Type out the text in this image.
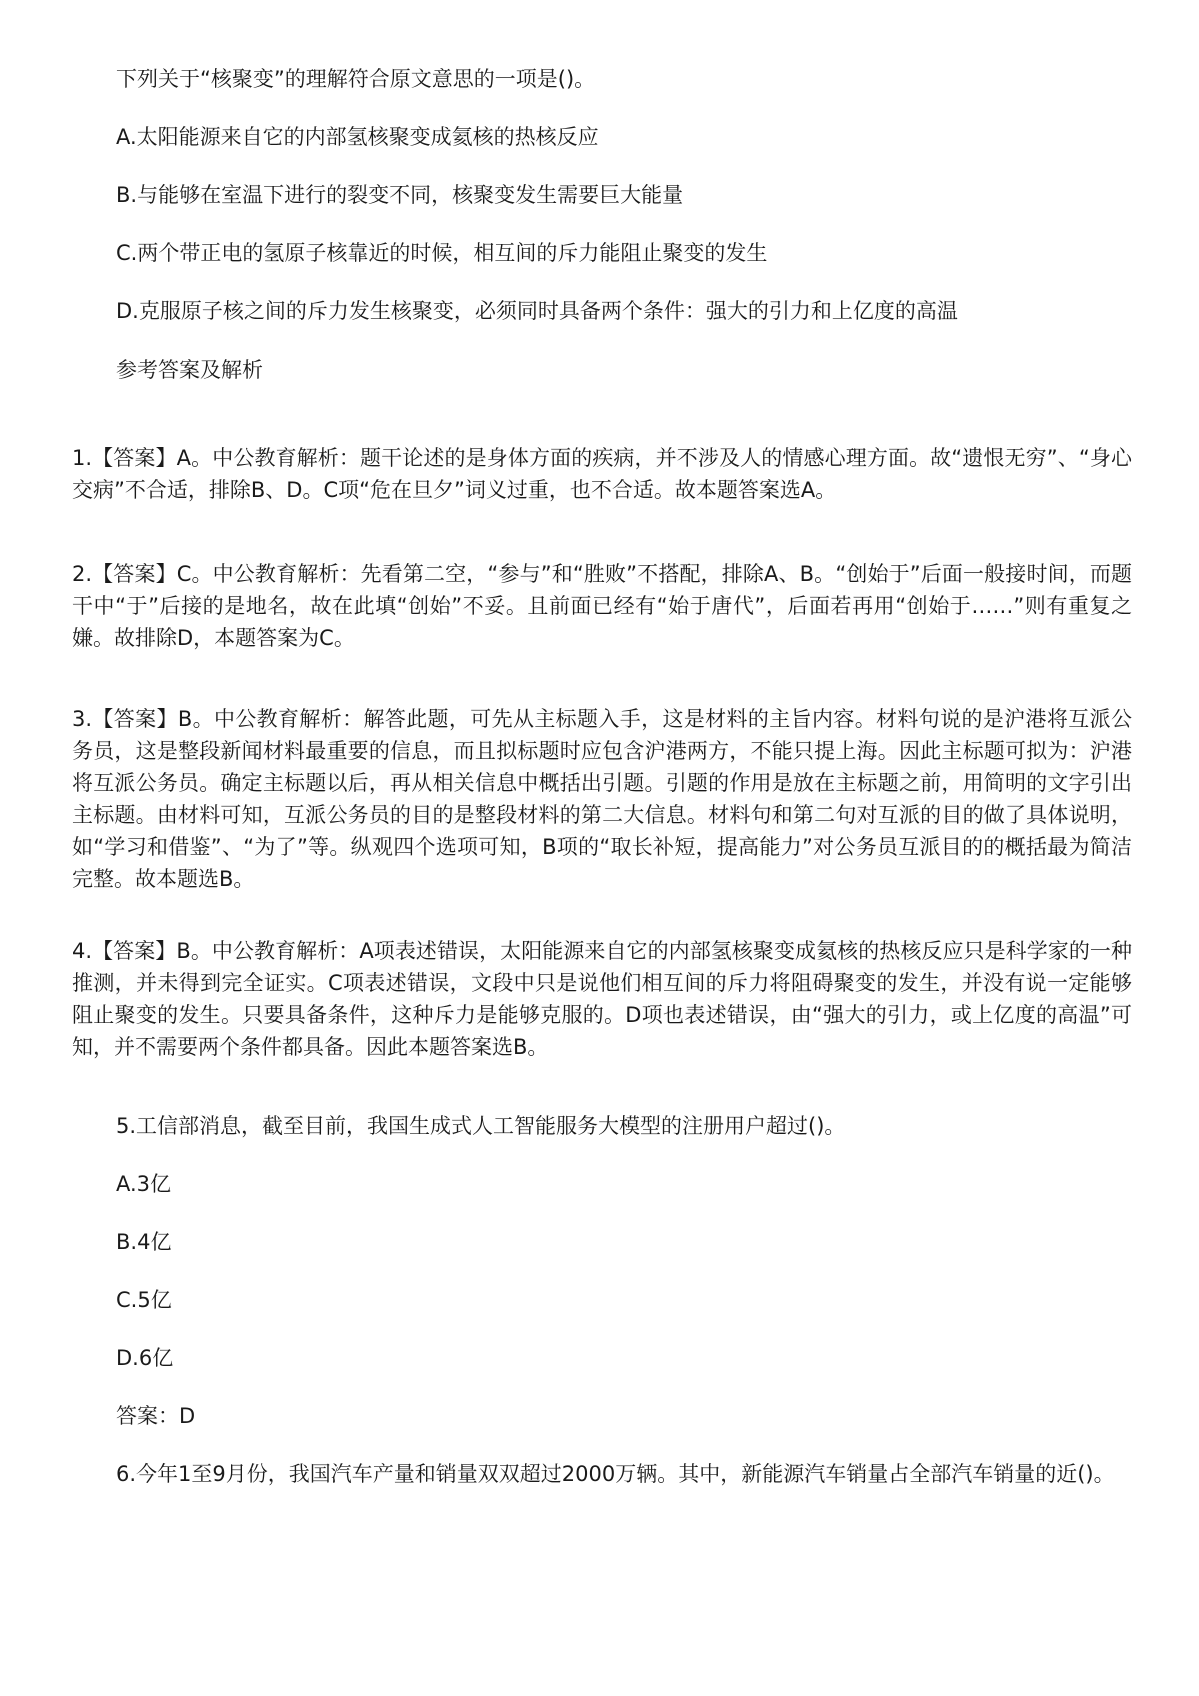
下列关于“核聚变”的理解符合原文意思的一项是()。

A.太阳能源来自它的内部氢核聚变成氦核的热核反应

B.与能够在室温下进行的裂变不同，核聚变发生需要巨大能量

C.两个带正电的氢原子核靠近的时候，相互间的斥力能阻止聚变的发生

D.克服原子核之间的斥力发生核聚变，必须同时具备两个条件：强大的引力和上亿度的高温

参考答案及解析

1.【答案】A。中公教育解析：题干论述的是身体方面的疾病，并不涉及人的情感心理方面。故“遗恨无穷”、“身心交病”不合适，排除B、D。C项“危在旦夕”词义过重，也不合适。故本题答案选A。

2.【答案】C。中公教育解析：先看第二空，“参与”和“胜败”不搭配，排除A、B。“创始于”后面一般接时间，而题干中“于”后接的是地名，故在此填“创始”不妥。且前面已经有“始于唐代”，后面若再用“创始于……”则有重复之嫌。故排除D，本题答案为C。

3.【答案】B。中公教育解析：解答此题，可先从主标题入手，这是材料的主旨内容。材料句说的是沪港将互派公务员，这是整段新闻材料最重要的信息，而且拟标题时应包含沪港两方，不能只提上海。因此主标题可拟为：沪港将互派公务员。确定主标题以后，再从相关信息中概括出引题。引题的作用是放在主标题之前，用简明的文字引出主标题。由材料可知，互派公务员的目的是整段材料的第二大信息。材料句和第二句对互派的目的做了具体说明，如“学习和借鉴”、“为了”等。纵观四个选项可知，B项的“取长补短，提高能力”对公务员互派目的的概括最为简洁完整。故本题选B。

4.【答案】B。中公教育解析：A项表述错误，太阳能源来自它的内部氢核聚变成氦核的热核反应只是科学家的一种推测，并未得到完全证实。C项表述错误，文段中只是说他们相互间的斥力将阻碍聚变的发生，并没有说一定能够阻止聚变的发生。只要具备条件，这种斥力是能够克服的。D项也表述错误，由“强大的引力，或上亿度的高温”可知，并不需要两个条件都具备。因此本题答案选B。

5.工信部消息，截至目前，我国生成式人工智能服务大模型的注册用户超过()。

A.3亿

B.4亿

C.5亿

D.6亿

答案：D

6.今年1至9月份，我国汽车产量和销量双双超过2000万辆。其中，新能源汽车销量占全部汽车销量的近()。
